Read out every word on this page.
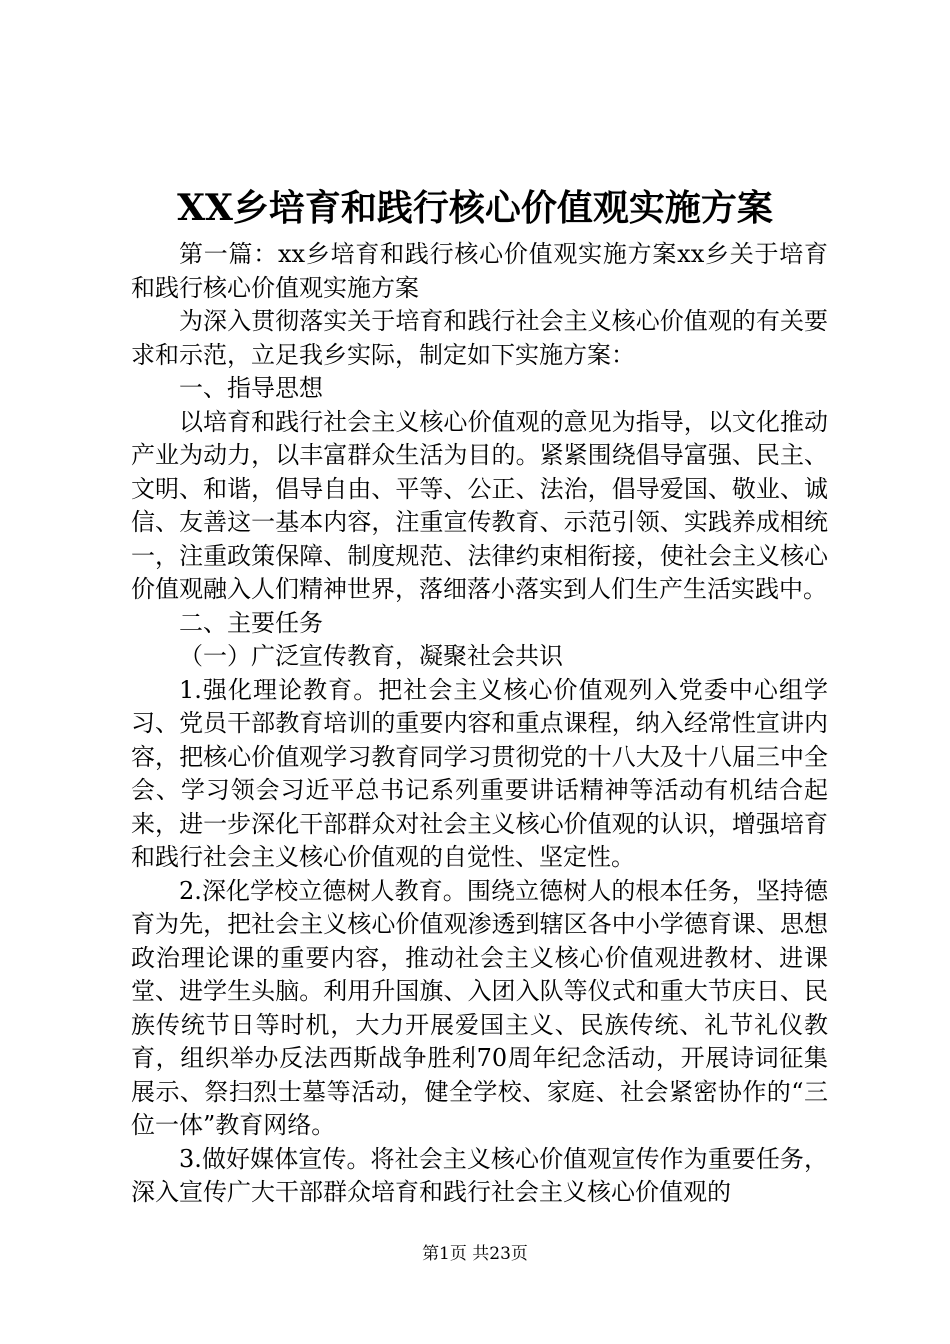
XX乡培育和践行核心价值观实施方案

第一篇：xx乡培育和践行核心价值观实施方案xx乡关于培育和践行核心价值观实施方案

为深入贯彻落实关于培育和践行社会主义核心价值观的有关要求和示范，立足我乡实际，制定如下实施方案：

一、指导思想

以培育和践行社会主义核心价值观的意见为指导，以文化推动产业为动力，以丰富群众生活为目的。紧紧围绕倡导富强、民主、文明、和谐，倡导自由、平等、公正、法治，倡导爱国、敬业、诚信、友善这一基本内容，注重宣传教育、示范引领、实践养成相统一，注重政策保障、制度规范、法律约束相衔接，使社会主义核心价值观融入人们精神世界，落细落小落实到人们生产生活实践中。

二、主要任务

（一）广泛宣传教育，凝聚社会共识

1.强化理论教育。把社会主义核心价值观列入党委中心组学习、党员干部教育培训的重要内容和重点课程，纳入经常性宣讲内容，把核心价值观学习教育同学习贯彻党的十八大及十八届三中全会、学习领会习近平总书记系列重要讲话精神等活动有机结合起来，进一步深化干部群众对社会主义核心价值观的认识，增强培育和践行社会主义核心价值观的自觉性、坚定性。

2.深化学校立德树人教育。围绕立德树人的根本任务，坚持德育为先，把社会主义核心价值观渗透到辖区各中小学德育课、思想政治理论课的重要内容，推动社会主义核心价值观进教材、进课堂、进学生头脑。利用升国旗、入团入队等仪式和重大节庆日、民族传统节日等时机，大力开展爱国主义、民族传统、礼节礼仪教育，组织举办反法西斯战争胜利70周年纪念活动，开展诗词征集展示、祭扫烈士墓等活动，健全学校、家庭、社会紧密协作的“三位一体”教育网络。

3.做好媒体宣传。将社会主义核心价值观宣传作为重要任务，深入宣传广大干部群众培育和践行社会主义核心价值观的

第1页 共23页
